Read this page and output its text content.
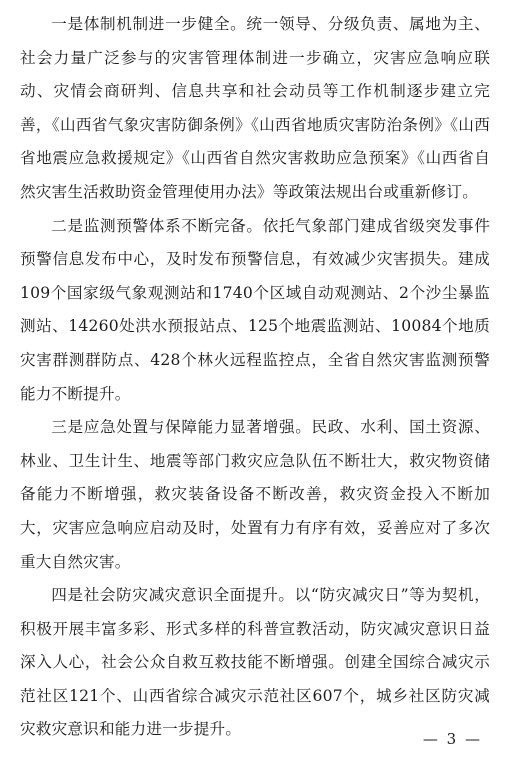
一是体制机制进一步健全。统一领导、分级负责、属地为主、社会力量广泛参与的灾害管理体制进一步确立，灾害应急响应联动、灾情会商研判、信息共享和社会动员等工作机制逐步建立完善，《山西省气象灾害防御条例》《山西省地质灾害防治条例》《山西省地震应急救援规定》《山西省自然灾害救助应急预案》《山西省自然灾害生活救助资金管理使用办法》等政策法规出台或重新修订。

二是监测预警体系不断完备。依托气象部门建成省级突发事件预警信息发布中心，及时发布预警信息，有效减少灾害损失。建成109个国家级气象观测站和1740个区域自动观测站、2个沙尘暴监测站、14260处洪水预报站点、125个地震监测站、10084个地质灾害群测群防点、428个林火远程监控点，全省自然灾害监测预警能力不断提升。

三是应急处置与保障能力显著增强。民政、水利、国土资源、林业、卫生计生、地震等部门救灾应急队伍不断壮大，救灾物资储备能力不断增强，救灾装备设备不断改善，救灾资金投入不断加大，灾害应急响应启动及时，处置有力有序有效，妥善应对了多次重大自然灾害。

四是社会防灾减灾意识全面提升。以“防灾减灾日”等为契机，积极开展丰富多彩、形式多样的科普宣教活动，防灾减灾意识日益深入人心，社会公众自救互救技能不断增强。创建全国综合减灾示范社区121个、山西省综合减灾示范社区607个，城乡社区防灾减灾救灾意识和能力进一步提升。

— 3 —
